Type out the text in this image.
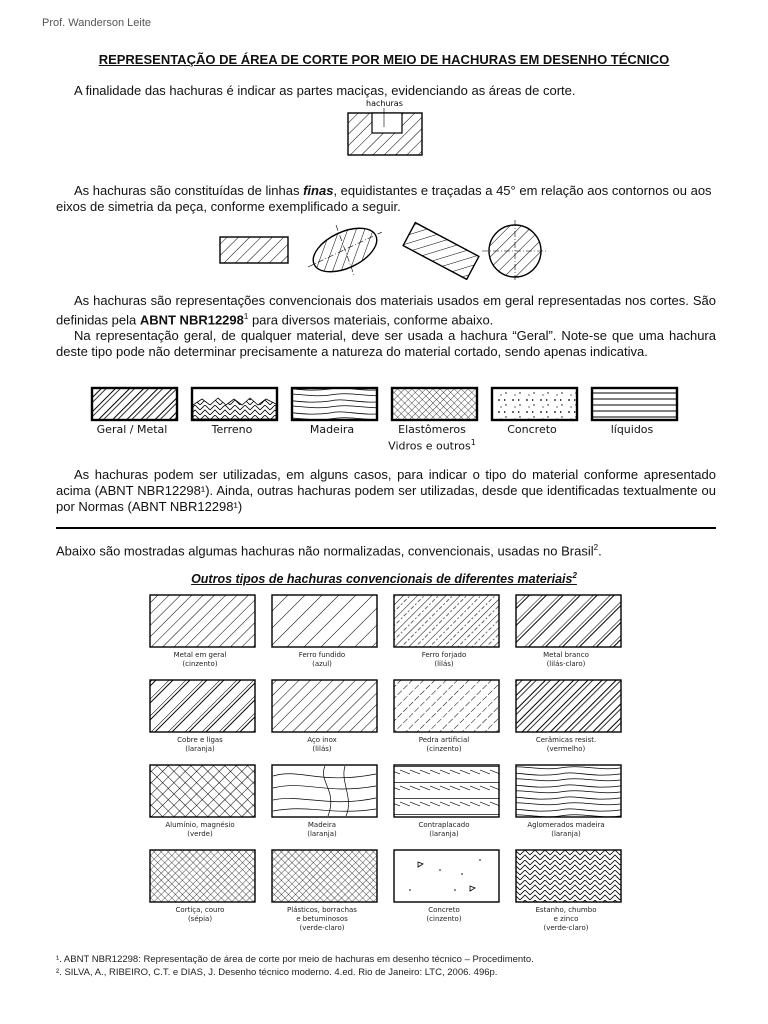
Prof. Wanderson Leite
REPRESENTAÇÃO DE ÁREA DE CORTE POR MEIO DE HACHURAS EM DESENHO TÉCNICO
A finalidade das hachuras é indicar as partes maciças, evidenciando as áreas de corte.
hachuras
As hachuras são constituídas de linhas finas, equidistantes e traçadas a 45° em relação aos contornos ou aos eixos de simetria da peça, conforme exemplificado a seguir.
As hachuras são representações convencionais dos materiais usados em geral representadas nos cortes. São definidas pela ABNT NBR12298$^1$ para diversos materiais, conforme abaixo.
Na representação geral, de qualquer material, deve ser usada a hachura “Geral”. Note-se que uma hachura deste tipo pode não determinar precisamente a natureza do material cortado, sendo apenas indicativa.
Geral / Metal	Terreno	Madeira	Elastômeros
Vidros e outros$^1$
Concreto	líquidos
As hachuras podem ser utilizadas, em alguns casos, para indicar o tipo do material conforme apresentado acima (ABNT NBR12298¹). Ainda, outras hachuras podem ser utilizadas, desde que identificadas textualmente ou por Normas (ABNT NBR12298¹)
Abaixo são mostradas algumas hachuras não normalizadas, convencionais, usadas no Brasil$^2$.
Outros tipos de hachuras convencionais de diferentes materiais$^2$
Metal em geral
(cinzento)
Ferro fundido
(azul)
Ferro forjado
(lilás)
Metal branco
(lilás-claro)
Cobre e ligas
(laranja)
Aço inox
(lilás)
Pedra artificial
(cinzento)
Cerâmicas resist.
(vermelho)
Alumínio, magnésio
(verde)
Madeira
(laranja)
Contraplacado
(laranja)
Aglomerados madeira
(laranja)
Cortiça, couro
(sépia)
Plásticos, borrachas
e betuminosos
(verde-claro)
Concreto
(cinzento)
Estanho, chumbo
e zinco
(verde-claro)
¹. ABNT NBR12298: Representação de área de corte por meio de hachuras em desenho técnico – Procedimento.
². SILVA, A., RIBEIRO, C.T. e DIAS, J. Desenho técnico moderno. 4.ed. Rio de Janeiro: LTC, 2006. 496p.
